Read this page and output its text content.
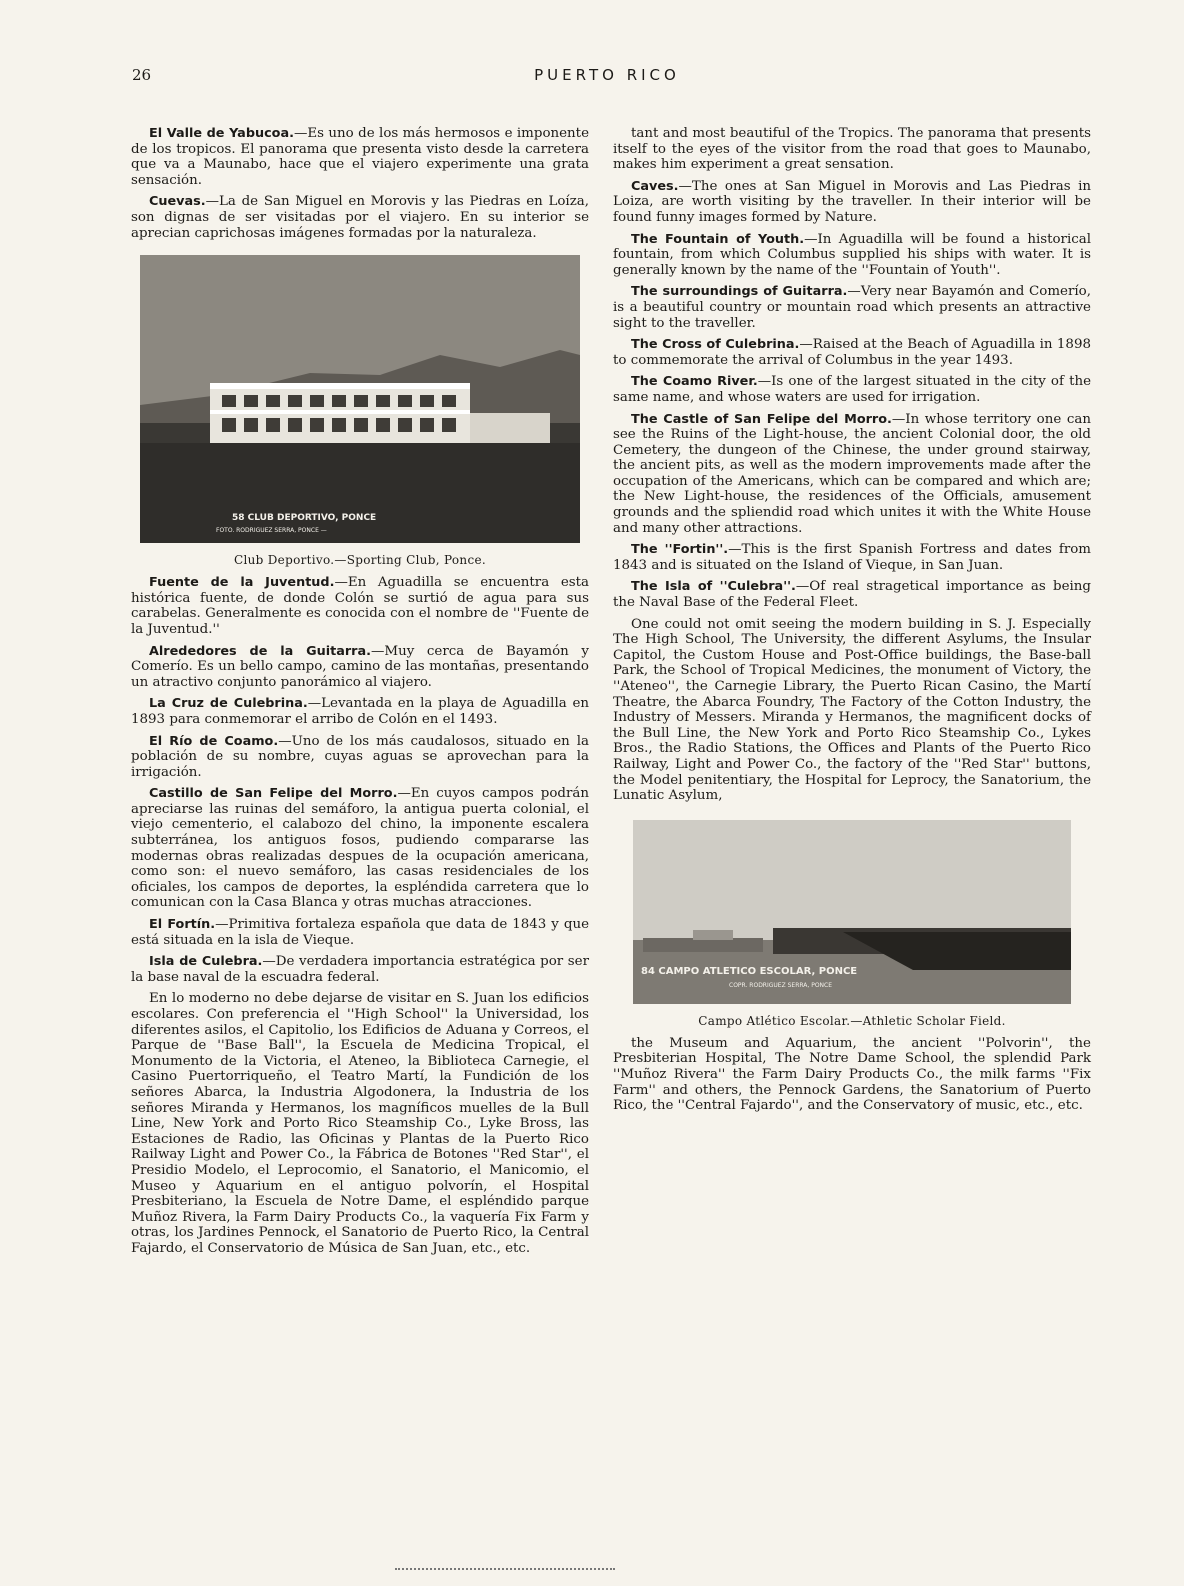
26	PUERTO RICO

El Valle de Yabucoa.—Es uno de los más hermosos e imponente de los tropicos. El panorama que presenta visto desde la carretera que va a Maunabo, hace que el viajero experimente una grata sensación.

Cuevas.—La de San Miguel en Morovis y las Piedras en Loíza, son dignas de ser visitadas por el viajero. En su interior se aprecian caprichosas imágenes formadas por la naturaleza.

58 CLUB DEPORTIVO, PONCE
FOTO. RODRIGUEZ SERRA, PONCE —
Club Deportivo.—Sporting Club, Ponce.

Fuente de la Juventud.—En Aguadilla se encuentra esta histórica fuente, de donde Colón se surtió de agua para sus carabelas. Generalmente es conocida con el nombre de ''Fuente de la Juventud.''

Alrededores de la Guitarra.—Muy cerca de Bayamón y Comerío. Es un bello campo, camino de las montañas, presentando un atractivo conjunto panorámico al viajero.

La Cruz de Culebrina.—Levantada en la playa de Aguadilla en 1893 para conmemorar el arribo de Colón en el 1493.

El Río de Coamo.—Uno de los más caudalosos, situado en la población de su nombre, cuyas aguas se aprovechan para la irrigación.

Castillo de San Felipe del Morro.—En cuyos campos podrán apreciarse las ruinas del semáforo, la antigua puerta colonial, el viejo cementerio, el calabozo del chino, la imponente escalera subterránea, los antiguos fosos, pudiendo compararse las modernas obras realizadas despues de la ocupación americana, como son: el nuevo semáforo, las casas residenciales de los oficiales, los campos de deportes, la espléndida carretera que lo comunican con la Casa Blanca y otras muchas atracciones.

El Fortín.—Primitiva fortaleza española que data de 1843 y que está situada en la isla de Vieque.

Isla de Culebra.—De verdadera importancia estratégica por ser la base naval de la escuadra federal.

En lo moderno no debe dejarse de visitar en S. Juan los edificios escolares. Con preferencia el ''High School'' la Universidad, los diferentes asilos, el Capitolio, los Edificios de Aduana y Correos, el Parque de ''Base Ball'', la Escuela de Medicina Tropical, el Monumento de la Victoria, el Ateneo, la Biblioteca Carnegie, el Casino Puertorriqueño, el Teatro Martí, la Fundición de los señores Abarca, la Industria Algodonera, la Industria de los señores Miranda y Hermanos, los magníficos muelles de la Bull Line, New York and Porto Rico Steamship Co., Lyke Bross, las Estaciones de Radio, las Oficinas y Plantas de la Puerto Rico Railway Light and Power Co., la Fábrica de Botones ''Red Star'', el Presidio Modelo, el Leprocomio, el Sanatorio, el Manicomio, el Museo y Aquarium en el antiguo polvorín, el Hospital Presbiteriano, la Escuela de Notre Dame, el espléndido parque Muñoz Rivera, la Farm Dairy Products Co., la vaquería Fix Farm y otras, los Jardines Pennock, el Sanatorio de Puerto Rico, la Central Fajardo, el Conservatorio de Música de San Juan, etc., etc.

tant and most beautiful of the Tropics. The panorama that presents itself to the eyes of the visitor from the road that goes to Maunabo, makes him experiment a great sensation.

Caves.—The ones at San Miguel in Morovis and Las Piedras in Loiza, are worth visiting by the traveller. In their interior will be found funny images formed by Nature.

The Fountain of Youth.—In Aguadilla will be found a historical fountain, from which Columbus supplied his ships with water. It is generally known by the name of the ''Fountain of Youth''.

The surroundings of Guitarra.—Very near Bayamón and Comerío, is a beautiful country or mountain road which presents an attractive sight to the traveller.

The Cross of Culebrina.—Raised at the Beach of Aguadilla in 1898 to commemorate the arrival of Columbus in the year 1493.

The Coamo River.—Is one of the largest situated in the city of the same name, and whose waters are used for irrigation.

The Castle of San Felipe del Morro.—In whose territory one can see the Ruins of the Light-house, the ancient Colonial door, the old Cemetery, the dungeon of the Chinese, the under ground stairway, the ancient pits, as well as the modern improvements made after the occupation of the Americans, which can be compared and which are; the New Light-house, the residences of the Officials, amusement grounds and the spliendid road which unites it with the White House and many other attractions.

The ''Fortin''.—This is the first Spanish Fortress and dates from 1843 and is situated on the Island of Vieque, in San Juan.

The Isla of ''Culebra''.—Of real stragetical importance as being the Naval Base of the Federal Fleet.

One could not omit seeing the modern building in S. J. Especially The High School, The University, the different Asylums, the Insular Capitol, the Custom House and Post-Office buildings, the Base-ball Park, the School of Tropical Medicines, the monument of Victory, the ''Ateneo'', the Carnegie Library, the Puerto Rican Casino, the Martí Theatre, the Abarca Foundry, The Factory of the Cotton Industry, the Industry of Messers. Miranda y Hermanos, the magnificent docks of the Bull Line, the New York and Porto Rico Steamship Co., Lykes Bros., the Radio Stations, the Offices and Plants of the Puerto Rico Railway, Light and Power Co., the factory of the ''Red Star'' buttons, the Model penitentiary, the Hospital for Leprocy, the Sanatorium, the Lunatic Asylum,

84 CAMPO ATLETICO ESCOLAR, PONCE
COPR. RODRIGUEZ SERRA, PONCE
Campo Atlético Escolar.—Athletic Scholar Field.

the Museum and Aquarium, the ancient ''Polvorin'', the Presbiterian Hospital, The Notre Dame School, the splendid Park ''Muñoz Rivera'' the Farm Dairy Products Co., the milk farms ''Fix Farm'' and others, the Pennock Gardens, the Sanatorium of Puerto Rico, the ''Central Fajardo'', and the Conservatory of music, etc., etc.
